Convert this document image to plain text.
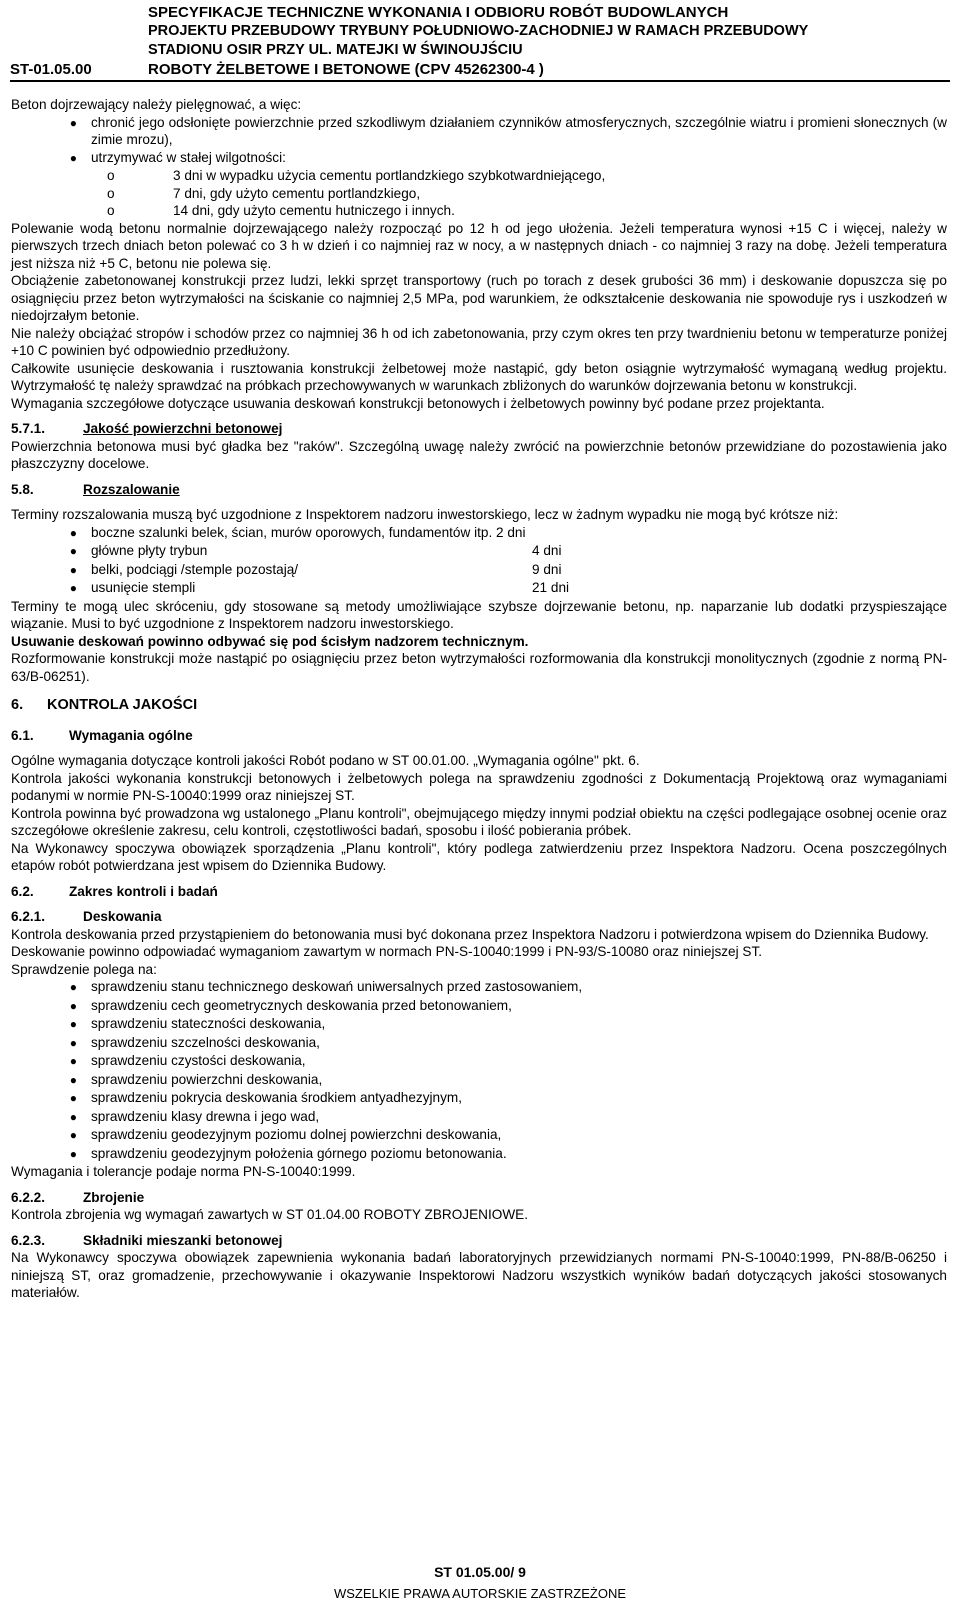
SPECYFIKACJE TECHNICZNE WYKONANIA I ODBIORU ROBÓT BUDOWLANYCH
PROJEKTU PRZEBUDOWY TRYBUNY POŁUDNIOWO-ZACHODNIEJ W RAMACH PRZEBUDOWY
STADIONU OSIR PRZY UL. MATEJKI W ŚWINOUJŚCIU
ST-01.05.00	ROBOTY ŻELBETOWE I BETONOWE (CPV 45262300-4 )

Beton dojrzewający należy pielęgnować, a więc:

●	chronić jego odsłonięte powierzchnie przed szkodliwym działaniem czynników atmosferycznych, szczególnie wiatru i promieni słonecznych (w zimie mrozu),
●	utrzymywać w stałej wilgotności:
o	3 dni w wypadku użycia cementu portlandzkiego szybkotwardniejącego,
o	7 dni, gdy użyto cementu portlandzkiego,
o	14 dni, gdy użyto cementu hutniczego i innych.

Polewanie wodą betonu normalnie dojrzewającego należy rozpocząć po 12 h od jego ułożenia. Jeżeli temperatura wynosi +15 C i więcej, należy w pierwszych trzech dniach beton polewać co 3 h w dzień i co najmniej raz w nocy, a w następnych dniach - co najmniej 3 razy na dobę. Jeżeli temperatura jest niższa niż +5 C, betonu nie polewa się.

Obciążenie zabetonowanej konstrukcji przez ludzi, lekki sprzęt transportowy (ruch po torach z desek grubości 36 mm) i deskowanie dopuszcza się po osiągnięciu przez beton wytrzymałości na ściskanie co najmniej 2,5 MPa, pod warunkiem, że odkształcenie deskowania nie spowoduje rys i uszkodzeń w niedojrzałym betonie.

Nie należy obciążać stropów i schodów przez co najmniej 36 h od ich zabetonowania, przy czym okres ten przy twardnieniu betonu w temperaturze poniżej +10 C powinien być odpowiednio przedłużony.

Całkowite usunięcie deskowania i rusztowania konstrukcji żelbetowej może nastąpić, gdy beton osiągnie wytrzymałość wymaganą według projektu. Wytrzymałość tę należy sprawdzać na próbkach przechowywanych w warunkach zbliżonych do warunków dojrzewania betonu w konstrukcji.

Wymagania szczegółowe dotyczące usuwania deskowań konstrukcji betonowych i żelbetowych powinny być podane przez projektanta.

5.7.1.	Jakość powierzchni betonowej

Powierzchnia betonowa musi być gładka bez "raków". Szczególną uwagę należy zwrócić na powierzchnie betonów przewidziane do pozostawienia jako płaszczyzny docelowe.

5.8.	Rozszalowanie

Terminy rozszalowania muszą być uzgodnione z Inspektorem nadzoru inwestorskiego, lecz w żadnym wypadku nie mogą być krótsze niż:

●	boczne szalunki belek, ścian, murów oporowych, fundamentów itp. 2 dni
●	główne płyty trybun	4 dni
●	belki, podciągi /stemple pozostają/	9 dni
●	usunięcie stempli	21 dni

Terminy te mogą ulec skróceniu, gdy stosowane są metody umożliwiające szybsze dojrzewanie betonu, np. naparzanie lub dodatki przyspieszające wiązanie. Musi to być uzgodnione z Inspektorem nadzoru inwestorskiego.

Usuwanie deskowań powinno odbywać się pod ścisłym nadzorem technicznym.

Rozformowanie konstrukcji może nastąpić po osiągnięciu przez beton wytrzymałości rozformowania dla konstrukcji monolitycznych (zgodnie z normą PN-63/B-06251).

6.	KONTROLA JAKOŚCI
6.1.	Wymagania ogólne

Ogólne wymagania dotyczące kontroli jakości Robót podano w ST 00.01.00. „Wymagania ogólne" pkt. 6.

Kontrola jakości wykonania konstrukcji betonowych i żelbetowych polega na sprawdzeniu zgodności z Dokumentacją Projektową oraz wymaganiami podanymi w normie PN-S-10040:1999 oraz niniejszej ST.

Kontrola powinna być prowadzona wg ustalonego „Planu kontroli", obejmującego między innymi podział obiektu na części podlegające osobnej ocenie oraz szczegółowe określenie zakresu, celu kontroli, częstotliwości badań, sposobu i ilość pobierania próbek.

Na Wykonawcy spoczywa obowiązek sporządzenia „Planu kontroli", który podlega zatwierdzeniu przez Inspektora Nadzoru. Ocena poszczególnych etapów robót potwierdzana jest wpisem do Dziennika Budowy.

6.2.	Zakres kontroli i badań
6.2.1.	Deskowania

Kontrola deskowania przed przystąpieniem do betonowania musi być dokonana przez Inspektora Nadzoru i potwierdzona wpisem do Dziennika Budowy.

Deskowanie powinno odpowiadać wymaganiom zawartym w normach PN-S-10040:1999 i PN-93/S-10080 oraz niniejszej ST.

Sprawdzenie polega na:

●	sprawdzeniu stanu technicznego deskowań uniwersalnych przed zastosowaniem,
●	sprawdzeniu cech geometrycznych deskowania przed betonowaniem,
●	sprawdzeniu stateczności deskowania,
●	sprawdzeniu szczelności deskowania,
●	sprawdzeniu czystości deskowania,
●	sprawdzeniu powierzchni deskowania,
●	sprawdzeniu pokrycia deskowania środkiem antyadhezyjnym,
●	sprawdzeniu klasy drewna i jego wad,
●	sprawdzeniu geodezyjnym poziomu dolnej powierzchni deskowania,
●	sprawdzeniu geodezyjnym położenia górnego poziomu betonowania.

Wymagania i tolerancje podaje norma PN-S-10040:1999.

6.2.2.	Zbrojenie

Kontrola zbrojenia wg wymagań zawartych w ST 01.04.00 ROBOTY ZBROJENIOWE.

6.2.3.	Składniki mieszanki betonowej

Na Wykonawcy spoczywa obowiązek zapewnienia wykonania badań laboratoryjnych przewidzianych normami PN-S-10040:1999, PN-88/B-06250 i niniejszą ST, oraz gromadzenie, przechowywanie i okazywanie Inspektorowi Nadzoru wszystkich wyników badań dotyczących jakości stosowanych materiałów.

ST 01.05.00/ 9
WSZELKIE PRAWA AUTORSKIE ZASTRZEŻONE
